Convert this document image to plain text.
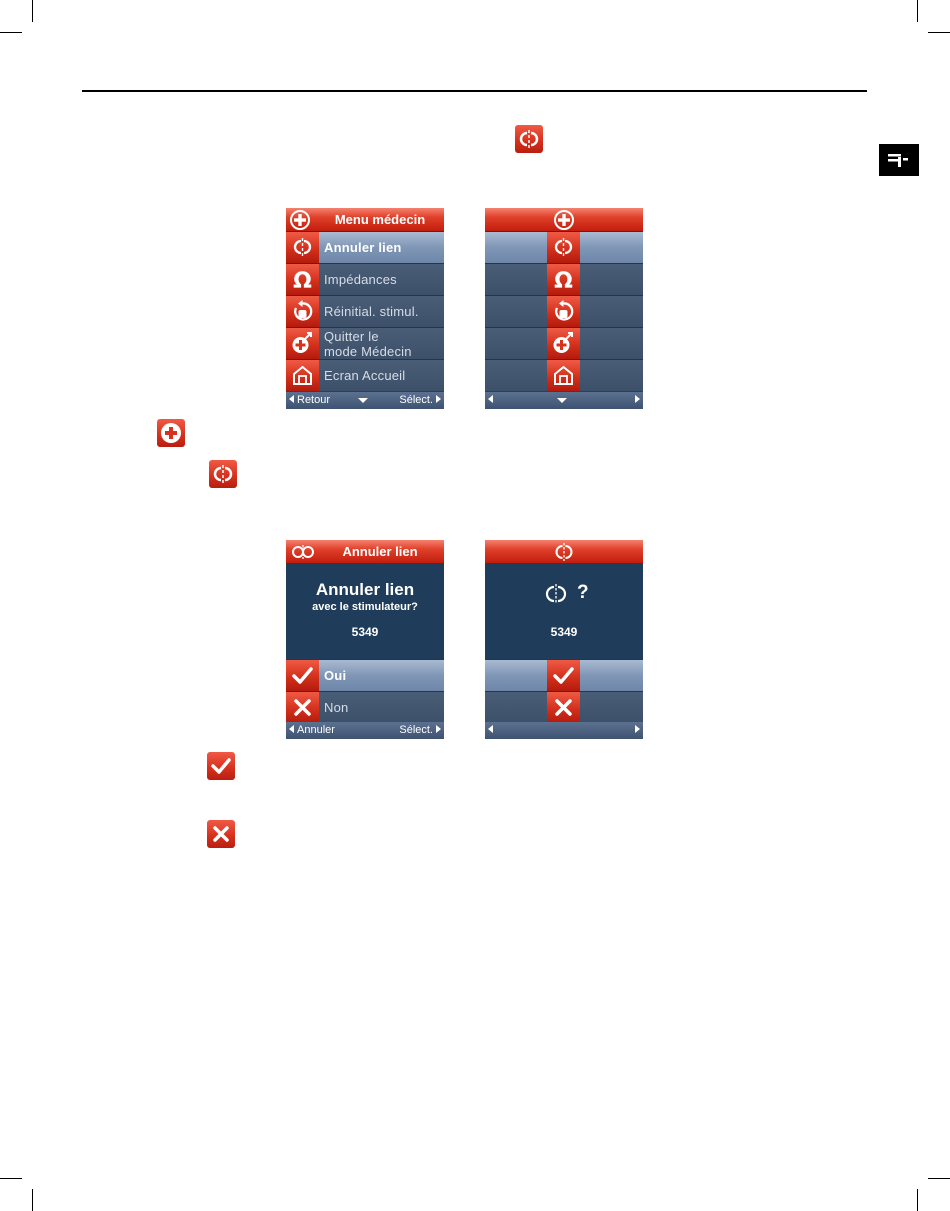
Menu médecin
Annuler lien
Ω Impédances
Réinitial. stimul.
Quitter le
mode Médecin
Ecran Accueil
Retour	Sélect.
Ω
Annuler lien
Annuler lien
avec le stimulateur?
5349
Oui
Non
Annuler	Sélect.
?
5349
